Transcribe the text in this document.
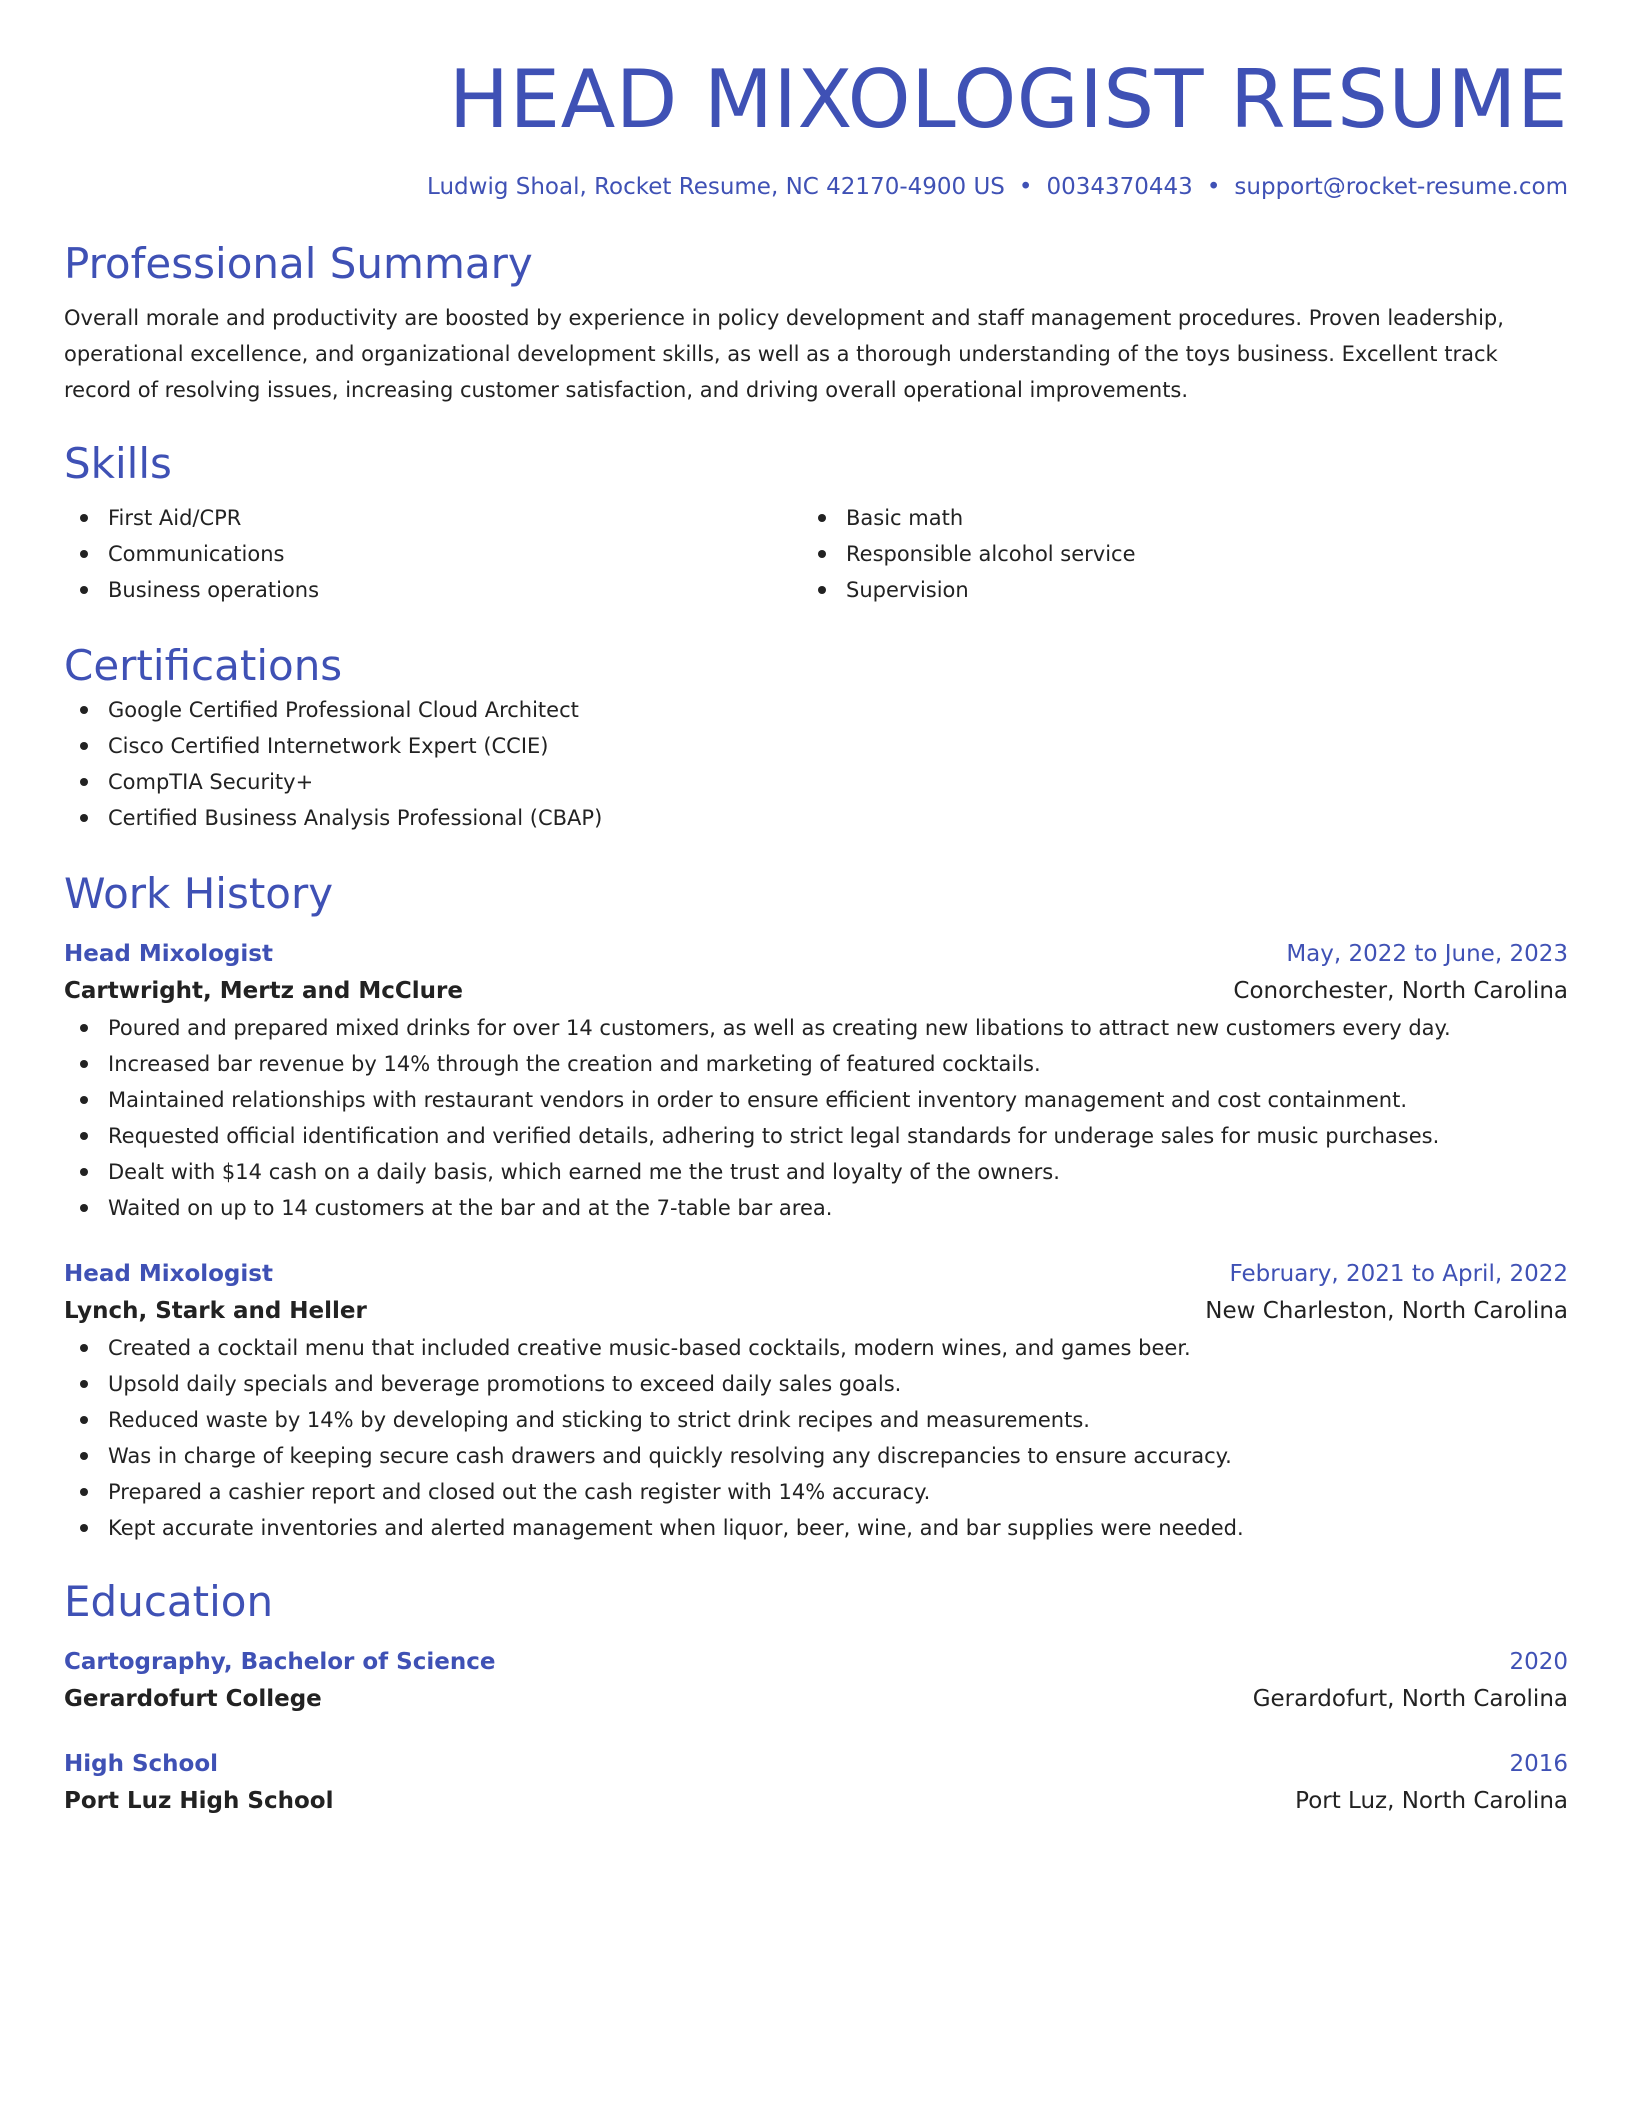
HEAD MIXOLOGIST RESUME
Ludwig Shoal, Rocket Resume, NC 42170-4900 US • 0034370443 • support@rocket-resume.com
Professional Summary
Overall morale and productivity are boosted by experience in policy development and staff management procedures. Proven leadership, operational excellence, and organizational development skills, as well as a thorough understanding of the toys business. Excellent track record of resolving issues, increasing customer satisfaction, and driving overall operational improvements.
Skills
First Aid/CPR
Communications
Business operations
Basic math
Responsible alcohol service
Supervision
Certifications
Google Certified Professional Cloud Architect
Cisco Certified Internetwork Expert (CCIE)
CompTIA Security+
Certified Business Analysis Professional (CBAP)
Work History
Head Mixologist	May, 2022 to June, 2023
Cartwright, Mertz and McClure	Conorchester, North Carolina
Poured and prepared mixed drinks for over 14 customers, as well as creating new libations to attract new customers every day.
Increased bar revenue by 14% through the creation and marketing of featured cocktails.
Maintained relationships with restaurant vendors in order to ensure efficient inventory management and cost containment.
Requested official identification and verified details, adhering to strict legal standards for underage sales for music purchases.
Dealt with $14 cash on a daily basis, which earned me the trust and loyalty of the owners.
Waited on up to 14 customers at the bar and at the 7-table bar area.
Head Mixologist	February, 2021 to April, 2022
Lynch, Stark and Heller	New Charleston, North Carolina
Created a cocktail menu that included creative music-based cocktails, modern wines, and games beer.
Upsold daily specials and beverage promotions to exceed daily sales goals.
Reduced waste by 14% by developing and sticking to strict drink recipes and measurements.
Was in charge of keeping secure cash drawers and quickly resolving any discrepancies to ensure accuracy.
Prepared a cashier report and closed out the cash register with 14% accuracy.
Kept accurate inventories and alerted management when liquor, beer, wine, and bar supplies were needed.
Education
Cartography, Bachelor of Science	2020
Gerardofurt College	Gerardofurt, North Carolina
High School	2016
Port Luz High School	Port Luz, North Carolina
